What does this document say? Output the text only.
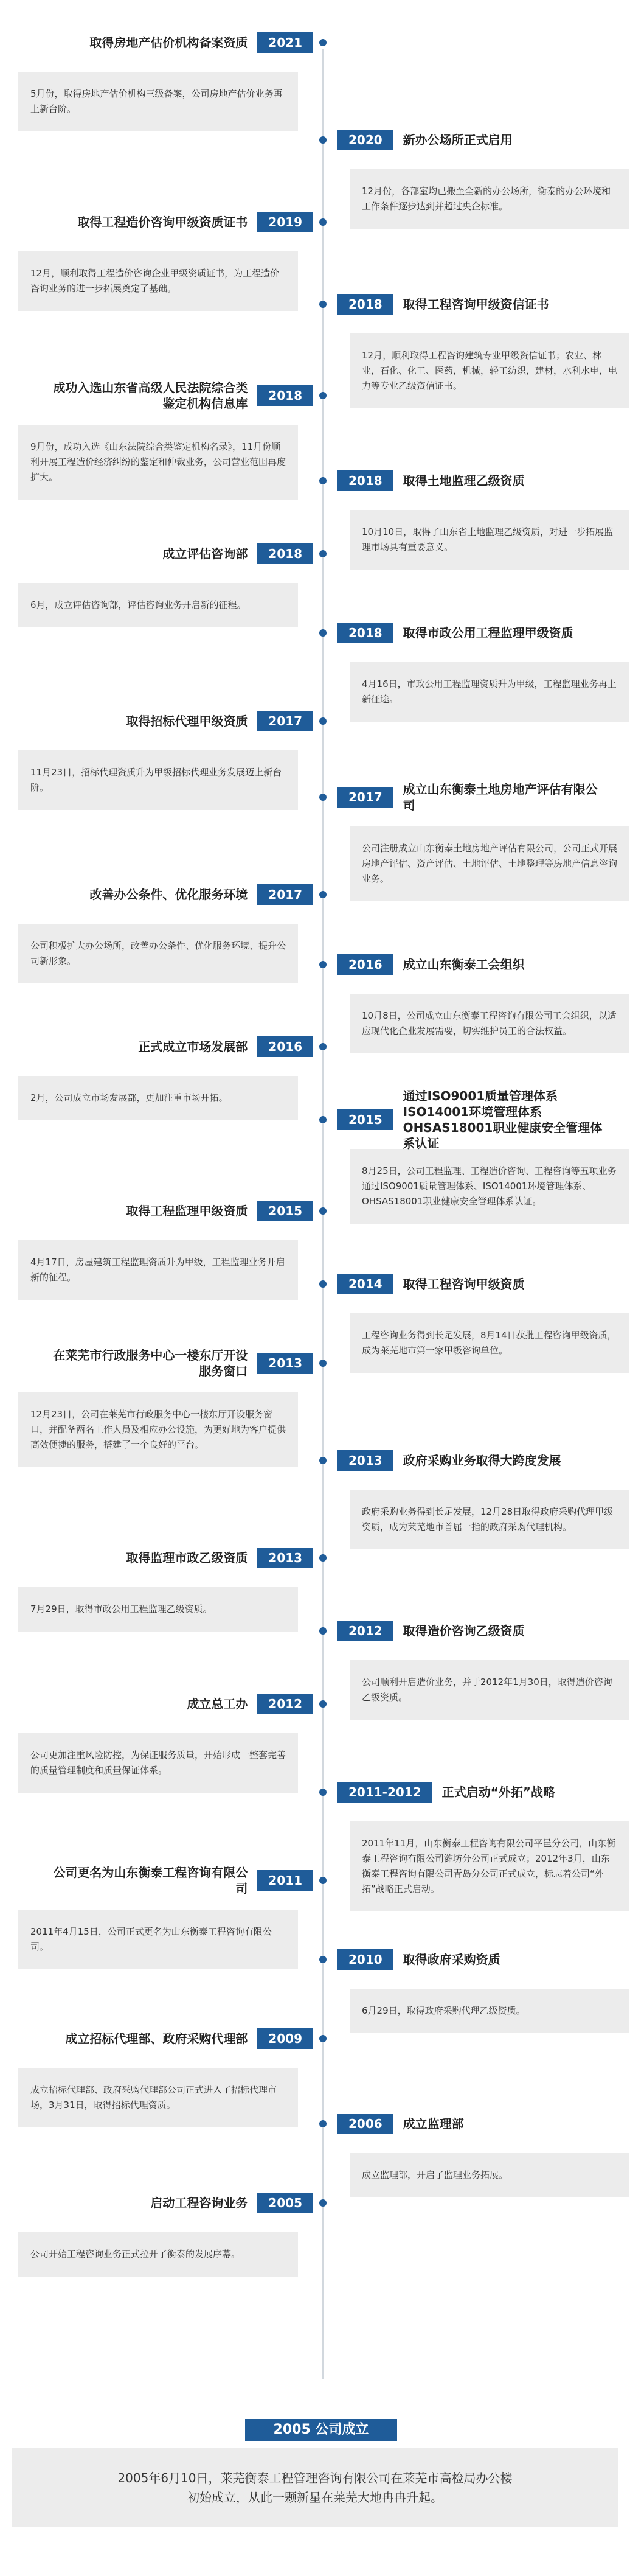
取得房地产估价机构备案资质	2021
5月份，取得房地产估价机构三级备案，公司房地产估价业务再上新台阶。
2020	新办公场所正式启用
12月份，各部室均已搬至全新的办公场所，衡泰的办公环境和工作条件逐步达到并超过央企标准。
取得工程造价咨询甲级资质证书	2019
12月，顺利取得工程造价咨询企业甲级资质证书，为工程造价咨询业务的进一步拓展奠定了基础。
2018	取得工程咨询甲级资信证书
12月，顺利取得工程咨询建筑专业甲级资信证书；农业、林业，石化、化工、医药，机械，轻工纺织，建材，水利水电，电力等专业乙级资信证书。
成功入选山东省高级人民法院综合类鉴定机构信息库
2018
9月份，成功入选《山东法院综合类鉴定机构名录》，11月份顺利开展工程造价经济纠纷的鉴定和仲裁业务，公司营业范围再度扩大。	2018	取得土地监理乙级资质
10月10日，取得了山东省土地监理乙级资质，对进一步拓展监理市场具有重要意义。
成立评估咨询部	2018
6月，成立评估咨询部，评估咨询业务开启新的征程。
2018	取得市政公用工程监理甲级资质
4月16日，市政公用工程监理资质升为甲级，工程监理业务再上新征途。
取得招标代理甲级资质	2017
11月23日，招标代理资质升为甲级招标代理业务发展迈上新台阶。
2017
成立山东衡泰土地房地产评估有限公司
公司注册成立山东衡泰土地房地产评估有限公司，公司正式开展房地产评估、资产评估、土地评估、土地整理等房地产信息咨询业务。
改善办公条件、优化服务环境	2017
公司积极扩大办公场所，改善办公条件、优化服务环境、提升公司新形象。	2016	成立山东衡泰工会组织
10月8日，公司成立山东衡泰工程咨询有限公司工会组织，以适应现代化企业发展需要，切实维护员工的合法权益。
正式成立市场发展部	2016
2月，公司成立市场发展部，更加注重市场开拓。
2015
通过ISO9001质量管理体系 ISO14001环境管理体系 OHSAS18001职业健康安全管理体系认证
8月25日，公司工程监理、工程造价咨询、工程咨询等五项业务通过ISO9001质量管理体系、ISO14001环境管理体系、OHSAS18001职业健康安全管理体系认证。
取得工程监理甲级资质	2015
4月17日，房屋建筑工程监理资质升为甲级，工程监理业务开启新的征程。	2014	取得工程咨询甲级资质
工程咨询业务得到长足发展，8月14日获批工程咨询甲级资质，成为莱芜地市第一家甲级咨询单位。
在莱芜市行政服务中心一楼东厅开设服务窗口
2013
12月23日，公司在莱芜市行政服务中心一楼东厅开设服务窗口，并配备两名工作人员及相应办公设施，为更好地为客户提供高效便捷的服务，搭建了一个良好的平台。
2013	政府采购业务取得大跨度发展
政府采购业务得到长足发展，12月28日取得政府采购代理甲级资质，成为莱芜地市首屈一指的政府采购代理机构。
取得监理市政乙级资质	2013
7月29日，取得市政公用工程监理乙级资质。
2012	取得造价咨询乙级资质
公司顺利开启造价业务，并于2012年1月30日，取得造价咨询乙级资质。
成立总工办	2012
公司更加注重风险防控，为保证服务质量，开始形成一整套完善的质量管理制度和质量保证体系。
2011-2012	正式启动“外拓”战略
2011年11月，山东衡泰工程咨询有限公司平邑分公司，山东衡泰工程咨询有限公司潍坊分公司正式成立；2012年3月，山东衡泰工程咨询有限公司青岛分公司正式成立，标志着公司“外拓”战略正式启动。
公司更名为山东衡泰工程咨询有限公司
2011
2011年4月15日，公司正式更名为山东衡泰工程咨询有限公司。
2010	取得政府采购资质
6月29日，取得政府采购代理乙级资质。
成立招标代理部、政府采购代理部	2009
成立招标代理部、政府采购代理部公司正式进入了招标代理市场，3月31日，取得招标代理资质。
2006	成立监理部
成立监理部，开启了监理业务拓展。
启动工程咨询业务	2005
公司开始工程咨询业务正式拉开了衡泰的发展序幕。
2005 公司成立
2005年6月10日，莱芜衡泰工程管理咨询有限公司在莱芜市高检局办公楼
初始成立，从此一颗新星在莱芜大地冉冉升起。
